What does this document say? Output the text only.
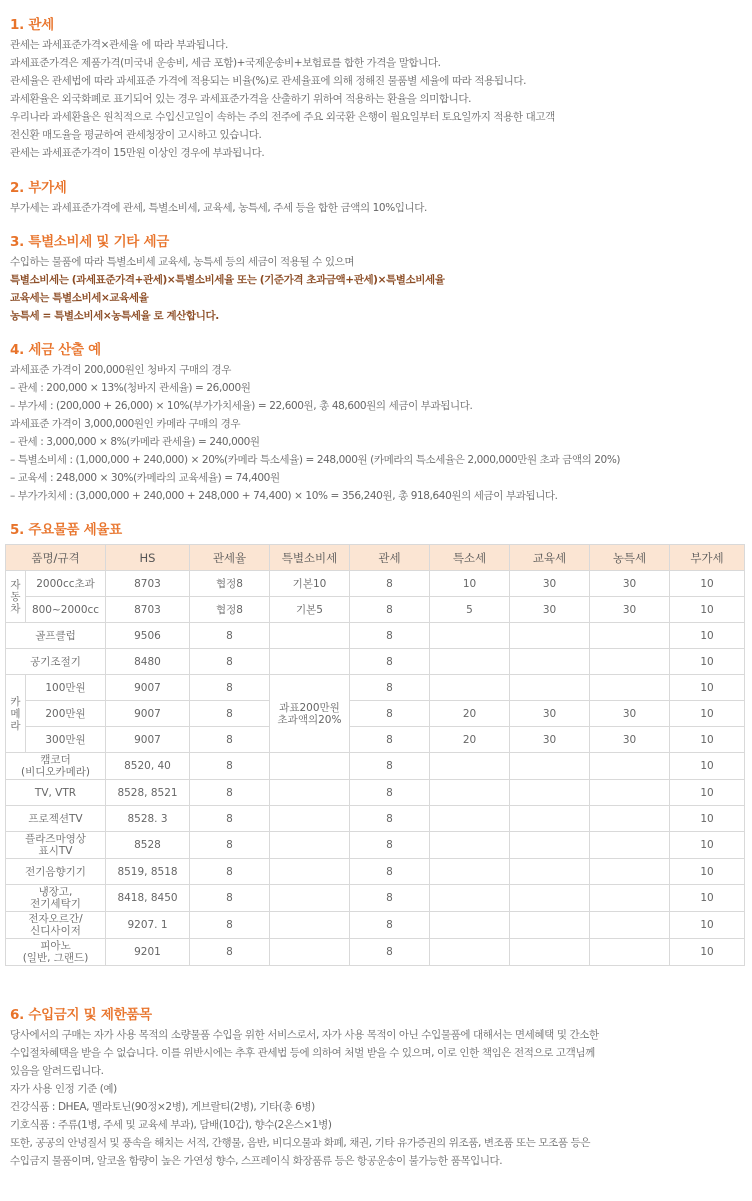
1. 관세
관세는 과세표준가격×관세율 에 따라 부과됩니다.
과세표준가격은 제품가격(미국내 운송비, 세금 포함)+국제운송비+보험료를 합한 가격을 말합니다.
관세율은 관세법에 따라 과세표준 가격에 적용되는 비율(%)로 관세율표에 의해 정해진 물품별 세율에 따라 적용됩니다.
과세환율은 외국화폐로 표기되어 있는 경우 과세표준가격을 산출하기 위하여 적용하는 환율을 의미합니다.
우리나라 과세환율은 원칙적으로 수입신고일이 속하는 주의 전주에 주요 외국환 은행이 월요일부터 토요일까지 적용한 대고객
전신환 매도율을 평균하여 관세청장이 고시하고 있습니다.
관세는 과세표준가격이 15만원 이상인 경우에 부과됩니다.
2. 부가세
부가세는 과세표준가격에 관세, 특별소비세, 교육세, 농특세, 주세 등을 합한 금액의 10%입니다.
3. 특별소비세 및 기타 세금
수입하는 물품에 따라 특별소비세 교육세, 농특세 등의 세금이 적용될 수 있으며
특별소비세는 (과세표준가격+관세)×특별소비세율 또는 (기준가격 초과금액+관세)×특별소비세율
교육세는 특별소비세×교육세율
농특세 = 특별소비세×농특세율 로 계산합니다.
4. 세금 산출 예
과세표준 가격이 200,000원인 청바지 구매의 경우
– 관세 : 200,000 × 13%(청바지 관세율) = 26,000원
– 부가세 : (200,000 + 26,000) × 10%(부가가치세율) = 22,600원, 총 48,600원의 세금이 부과됩니다.
과세표준 가격이 3,000,000원인 카메라 구매의 경우
– 관세 : 3,000,000 × 8%(카메라 관세율) = 240,000원
– 특별소비세 : (1,000,000 + 240,000) × 20%(카메라 특소세율) = 248,000원 (카메라의 특소세율은 2,000,000만원 초과 금액의 20%)
– 교육세 : 248,000 × 30%(카메라의 교육세율) = 74,400원
– 부가가치세 : (3,000,000 + 240,000 + 248,000 + 74,400) × 10% = 356,240원, 총 918,640원의 세금이 부과됩니다.
5. 주요물품 세율표
품명/규격		HS	관세율	특별소비세	관세	특소세	교육세	농특세	부가세
자동차	2000cc초과	8703	협정8	기본10	8	10	30	30	10
	800~2000cc	8703	협정8	기본5	8	5	30	30	10
골프클럽		9506	8		8				10
공기조절기		8480	8		8				10
카메라	100만원	9007	8	과표200만원 초과액의20%	8				10
	200만원	9007	8		8	20	30	30	10
	300만원	9007	8		8	20	30	30	10
캠코더
(비디오카메라)		8520, 40	8		8				10
TV, VTR		8528, 8521	8		8				10
프로젝션TV		8528. 3	8		8				10
플라즈마영상
표시TV		8528	8		8				10
전기음향기기		8519, 8518	8		8				10
냉장고,
전기세탁기		8418, 8450	8		8				10
전자오르간/
신디사이저		9207. 1	8		8				10
피아노
(일반, 그랜드)		9201	8		8				10
6. 수입금지 및 제한품목
당사에서의 구매는 자가 사용 목적의 소량물품 수입을 위한 서비스로서, 자가 사용 목적이 아닌 수입물품에 대해서는 면세혜택 및 간소한
수입절차혜택을 받을 수 없습니다. 이를 위반시에는 추후 관세법 등에 의하여 처벌 받을 수 있으며, 이로 인한 책임은 전적으로 고객님께
있음을 알려드립니다.
자가 사용 인정 기준 (예)
건강식품 : DHEA, 멜라토닌(90정×2병), 게브랄티(2병), 기타(총 6병)
기호식품 : 주류(1병, 주세 및 교육세 부과), 담배(10갑), 향수(2온스×1병)
또한, 공공의 안녕질서 및 풍속을 해치는 서적, 간행물, 음반, 비디오물과 화폐, 채권, 기타 유가증권의 위조품, 변조품 또는 모조품 등은
수입금지 물품이며, 알코올 함량이 높은 가연성 향수, 스프레이식 화장품류 등은 항공운송이 불가능한 품목입니다.
